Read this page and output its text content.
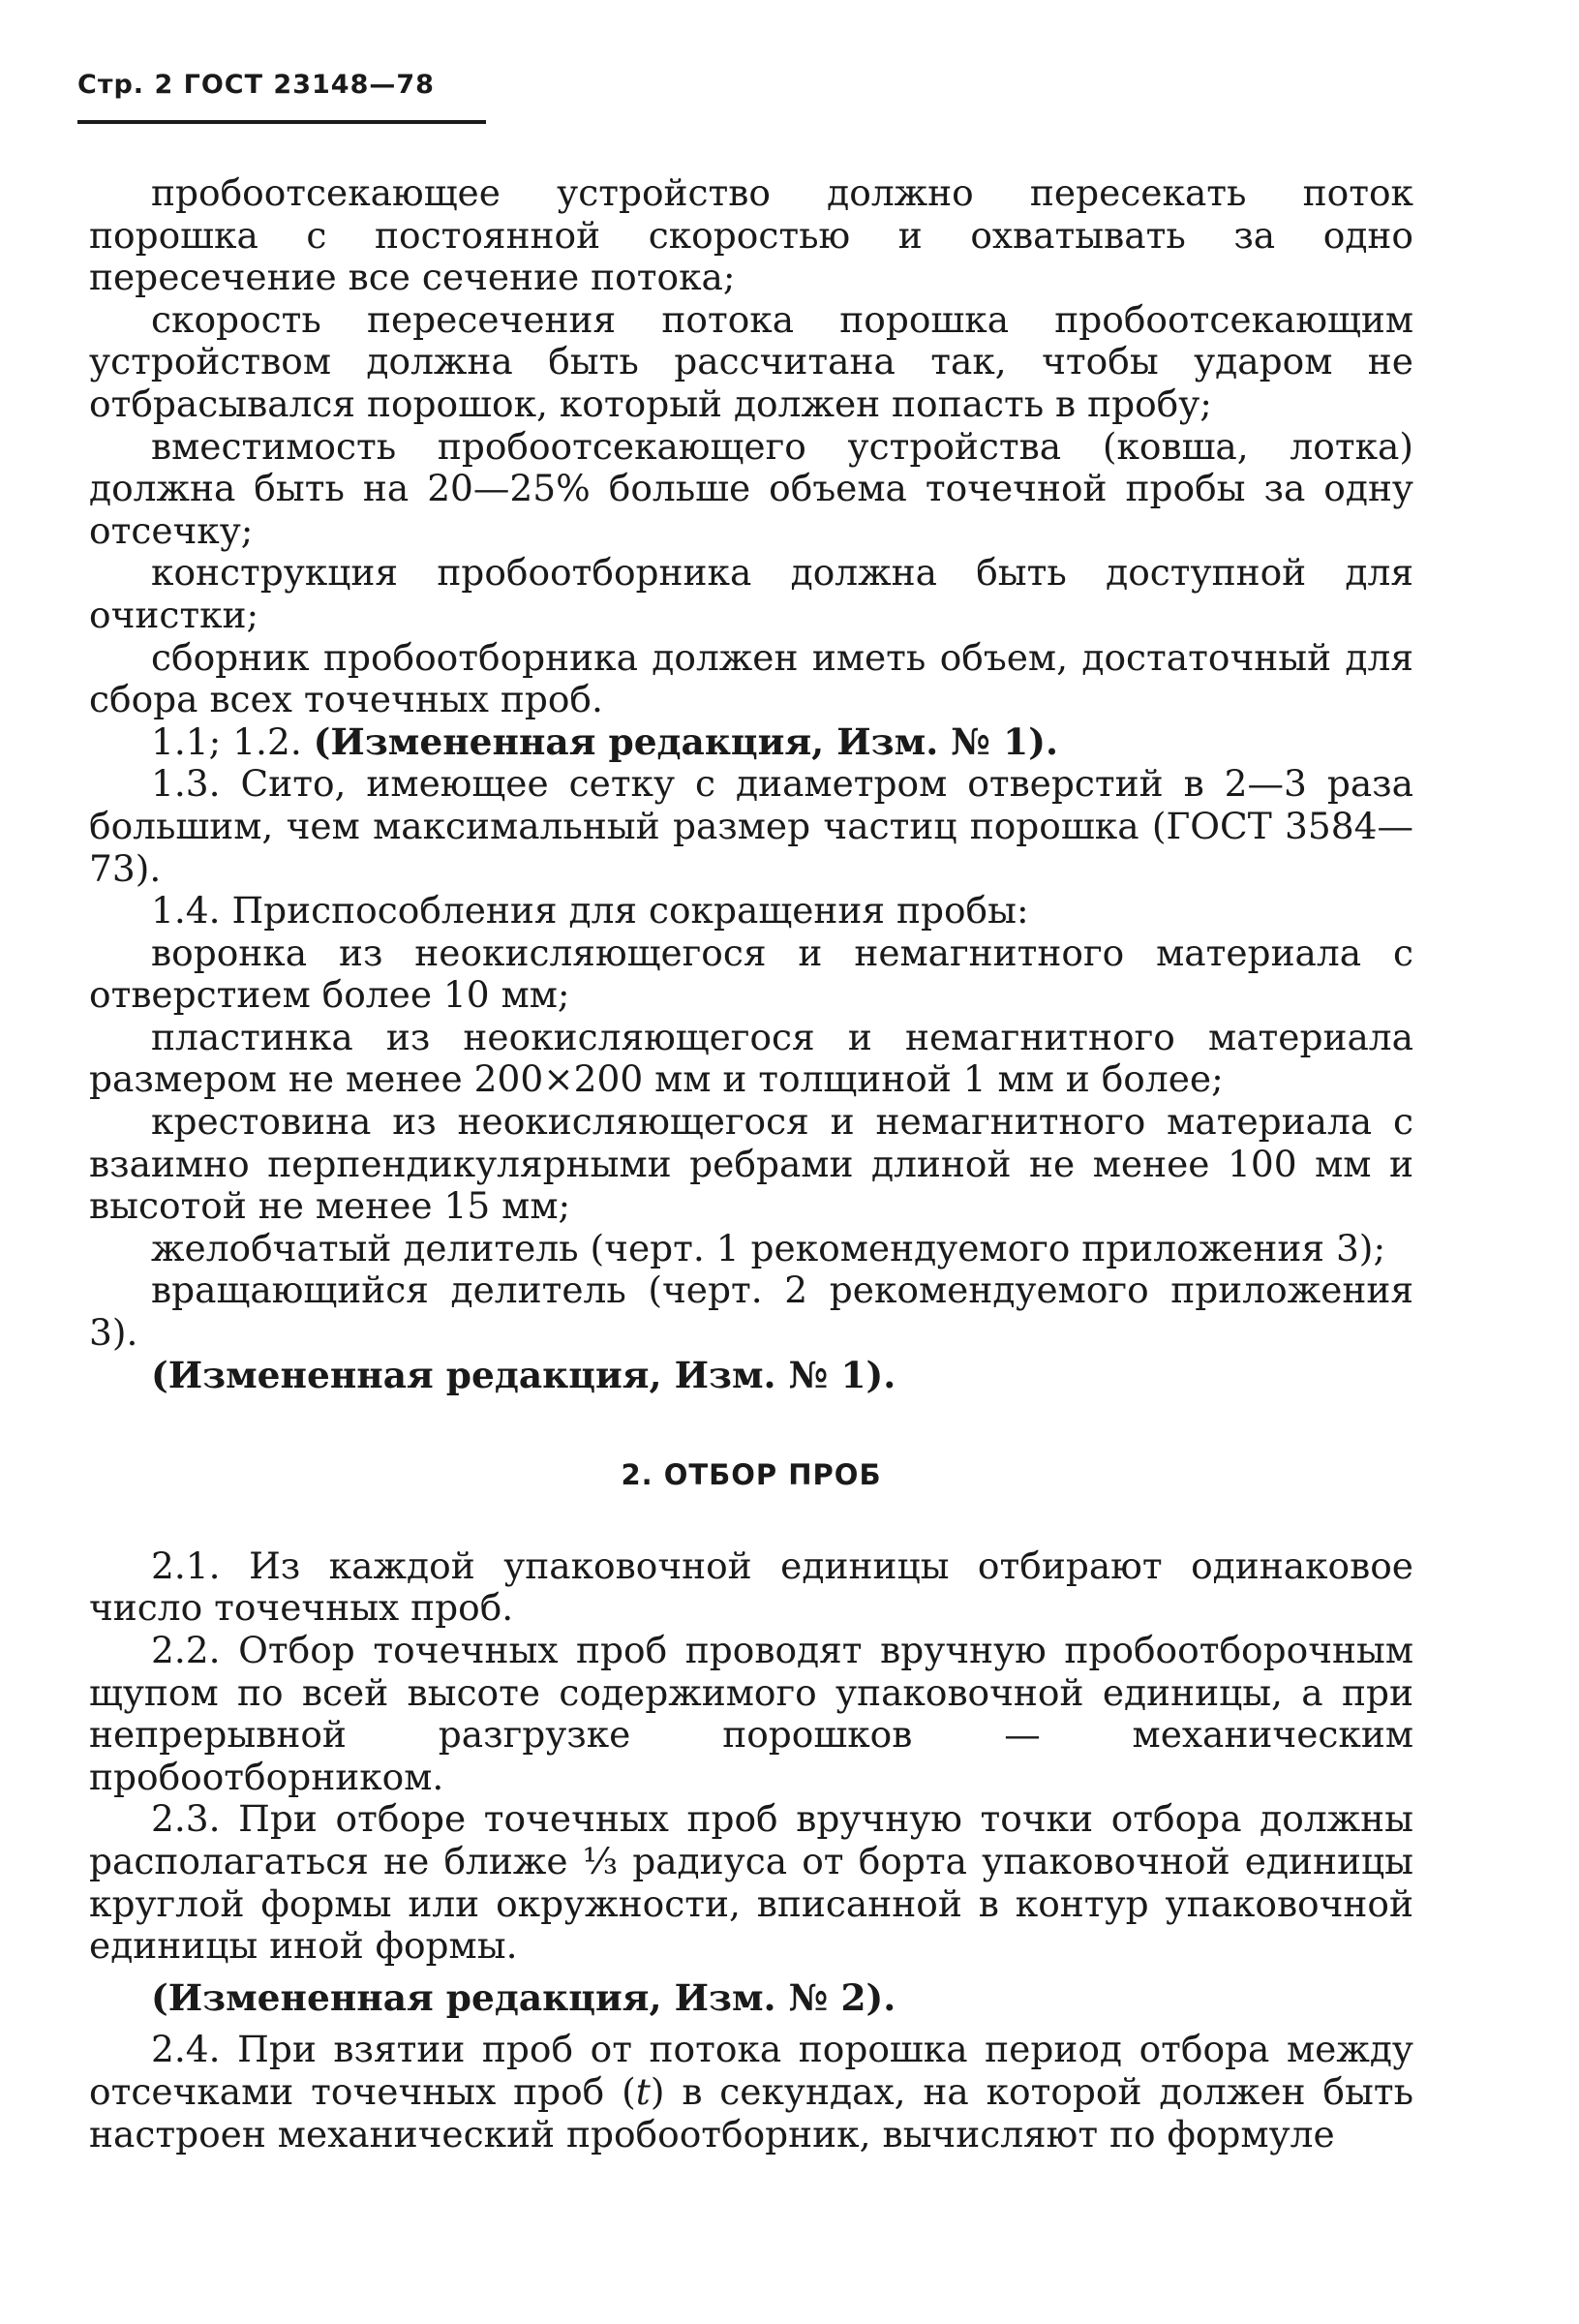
Стр. 2 ГОСТ 23148—78

пробоотсекающее устройство должно пересекать поток порошка с постоянной скоростью и охватывать за одно пересечение все сечение потока;

скорость пересечения потока порошка пробоотсекающим устройством должна быть рассчитана так, чтобы ударом не отбрасывался порошок, который должен попасть в пробу;

вместимость пробоотсекающего устройства (ковша, лотка) должна быть на 20—25% больше объема точечной пробы за одну отсечку;

конструкция пробоотборника должна быть доступной для очистки;

сборник пробоотборника должен иметь объем, достаточный для сбора всех точечных проб.

1.1; 1.2. (Измененная редакция, Изм. № 1).

1.3. Сито, имеющее сетку с диаметром отверстий в 2—3 раза большим, чем максимальный размер частиц порошка (ГОСТ 3584—73).

1.4. Приспособления для сокращения пробы:

воронка из неокисляющегося и немагнитного материала с отверстием более 10 мм;

пластинка из неокисляющегося и немагнитного материала размером не менее 200×200 мм и толщиной 1 мм и более;

крестовина из неокисляющегося и немагнитного материала с взаимно перпендикулярными ребрами длиной не менее 100 мм и высотой не менее 15 мм;

желобчатый делитель (черт. 1 рекомендуемого приложения 3);

вращающийся делитель (черт. 2 рекомендуемого приложения 3).

(Измененная редакция, Изм. № 1).

2. ОТБОР ПРОБ

2.1. Из каждой упаковочной единицы отбирают одинаковое число точечных проб.

2.2. Отбор точечных проб проводят вручную пробоотборочным щупом по всей высоте содержимого упаковочной единицы, а при непрерывной разгрузке порошков — механическим пробоотборником.

2.3. При отборе точечных проб вручную точки отбора должны располагаться не ближе ⅓ радиуса от борта упаковочной единицы круглой формы или окружности, вписанной в контур упаковочной единицы иной формы.

(Измененная редакция, Изм. № 2).

2.4. При взятии проб от потока порошка период отбора между отсечками точечных проб (t) в секундах, на которой должен быть настроен механический пробоотборник, вычисляют по формуле
